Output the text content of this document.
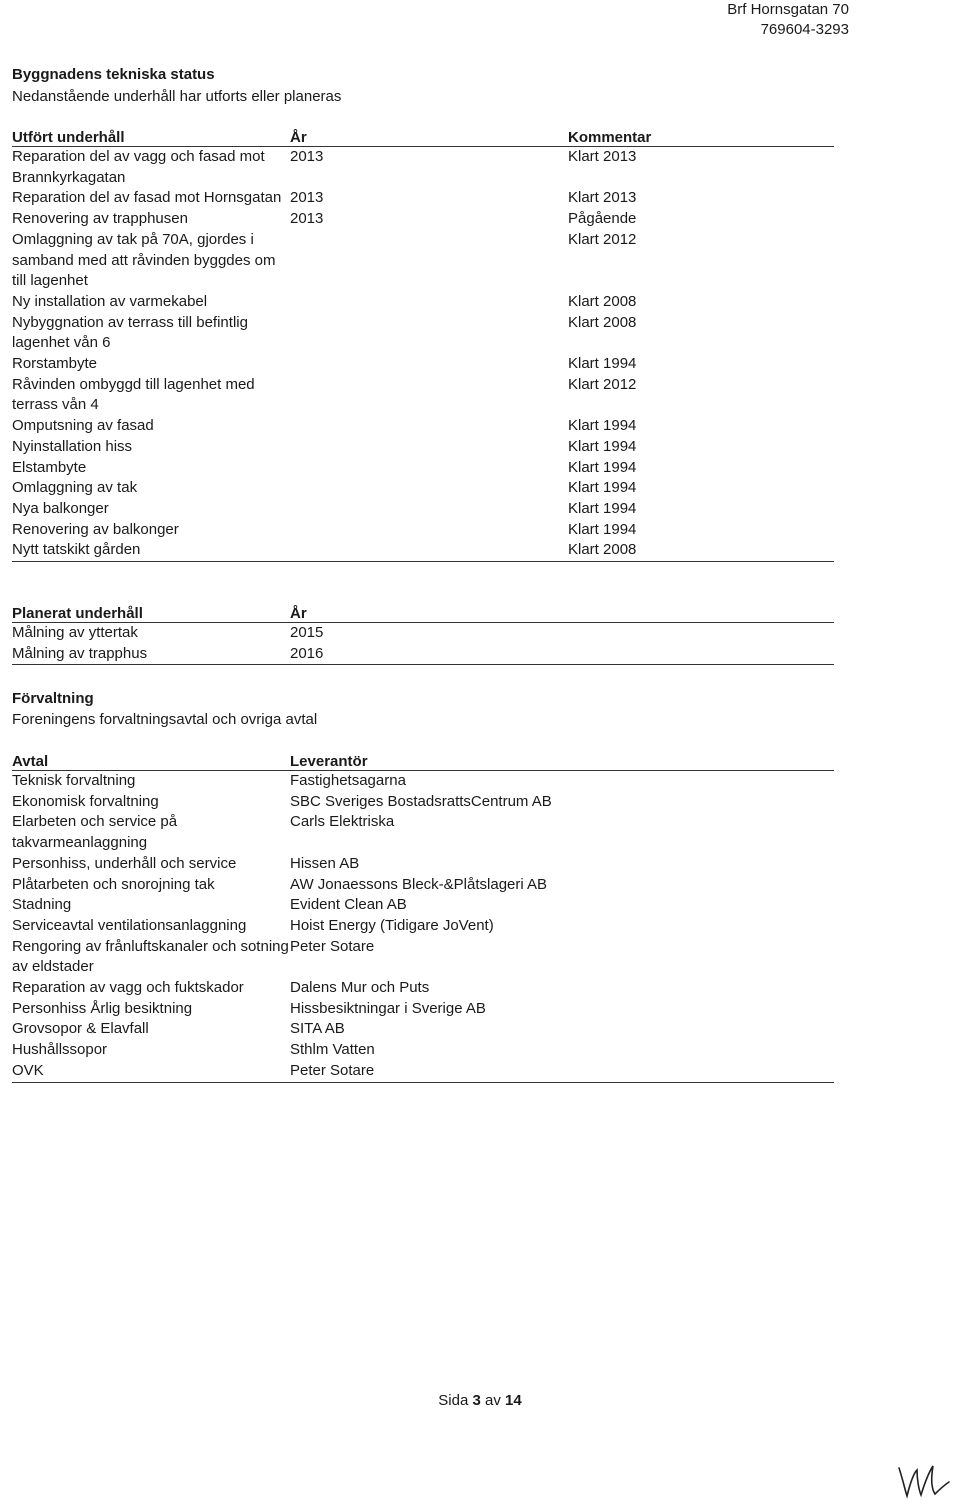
Brf Hornsgatan 70
769604-3293
Byggnadens tekniska status
Nedanstående underhåll har utforts eller planeras
Utfört underhåll	År	Kommentar
Reparation del av vagg och fasad mot Brannkyrkagatan	2013	Klart 2013
Reparation del av fasad mot Hornsgatan	2013	Klart 2013
Renovering av trapphusen	2013	Pågående
Omlaggning av tak på 70A, gjordes i samband med att råvinden byggdes om till lagenhet		Klart 2012
Ny installation av varmekabel		Klart 2008
Nybyggnation av terrass till befintlig lagenhet vån 6		Klart 2008
Rorstambyte		Klart 1994
Råvinden ombyggd till lagenhet med terrass vån 4		Klart 2012
Omputsning av fasad		Klart 1994
Nyinstallation hiss		Klart 1994
Elstambyte		Klart 1994
Omlaggning av tak		Klart 1994
Nya balkonger		Klart 1994
Renovering av balkonger		Klart 1994
Nytt tatskikt gården		Klart 2008
Planerat underhåll	År
Målning av yttertak	2015
Målning av trapphus	2016
Förvaltning
Foreningens forvaltningsavtal och ovriga avtal
Avtal	Leverantör
Teknisk forvaltning	Fastighetsagarna
Ekonomisk forvaltning	SBC Sveriges BostadsrattsCentrum AB
Elarbeten och service på takvarmeanlaggning	Carls Elektriska
Personhiss, underhåll och service	Hissen AB
Plåtarbeten och snorojning tak	AW Jonaessons Bleck-&Plåtslageri AB
Stadning	Evident Clean AB
Serviceavtal ventilationsanlaggning	Hoist Energy (Tidigare JoVent)
Rengoring av frånluftskanaler och sotning av eldstader	Peter Sotare
Reparation av vagg och fuktskador	Dalens Mur och Puts
Personhiss Årlig besiktning	Hissbesiktningar i Sverige AB
Grovsopor & Elavfall	SITA AB
Hushållssopor	Sthlm Vatten
OVK	Peter Sotare
Sida 3 av 14
